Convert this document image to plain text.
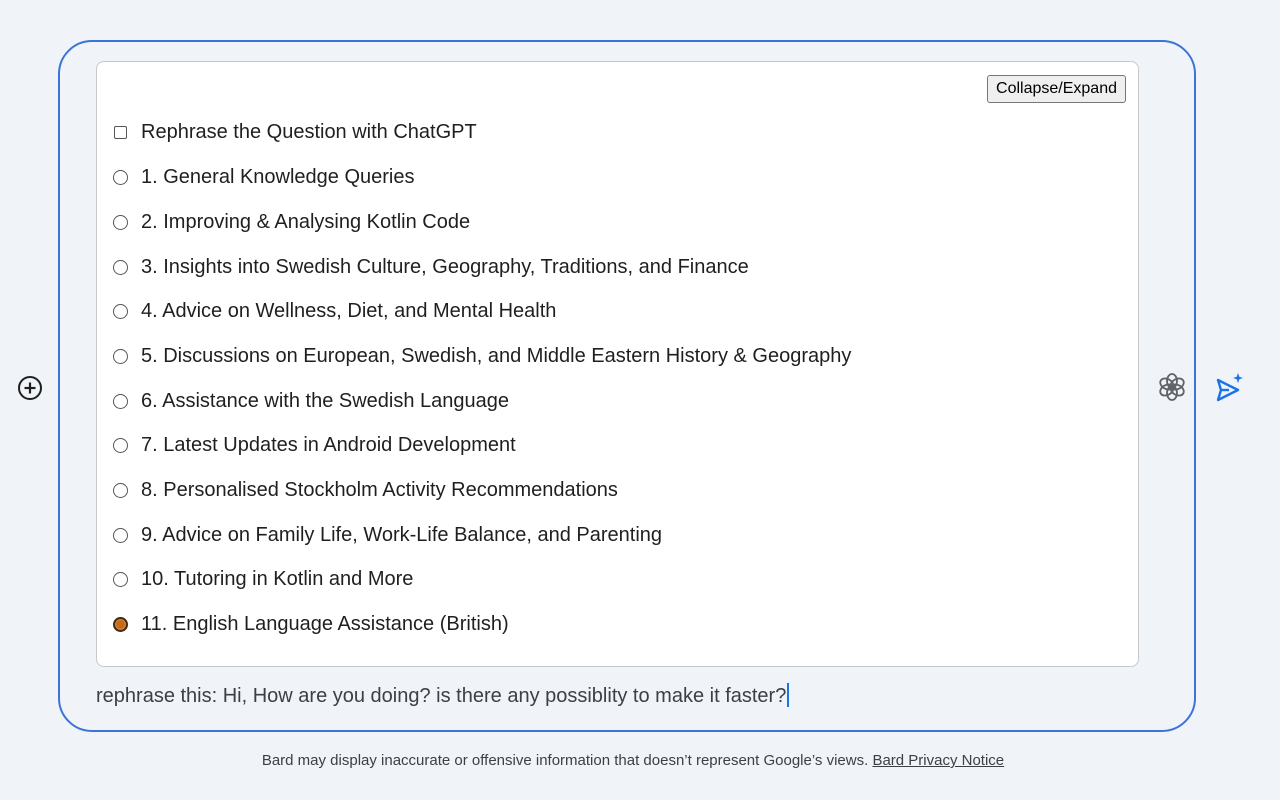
Collapse/Expand
Rephrase the Question with ChatGPT
1. General Knowledge Queries
2. Improving & Analysing Kotlin Code
3. Insights into Swedish Culture, Geography, Traditions, and Finance
4. Advice on Wellness, Diet, and Mental Health
5. Discussions on European, Swedish, and Middle Eastern History & Geography
6. Assistance with the Swedish Language
7. Latest Updates in Android Development
8. Personalised Stockholm Activity Recommendations
9. Advice on Family Life, Work-Life Balance, and Parenting
10. Tutoring in Kotlin and More
11. English Language Assistance (British)
rephrase this: Hi, How are you doing? is there any possiblity to make it faster?
Bard may display inaccurate or offensive information that doesn’t represent Google’s views. Bard Privacy Notice
